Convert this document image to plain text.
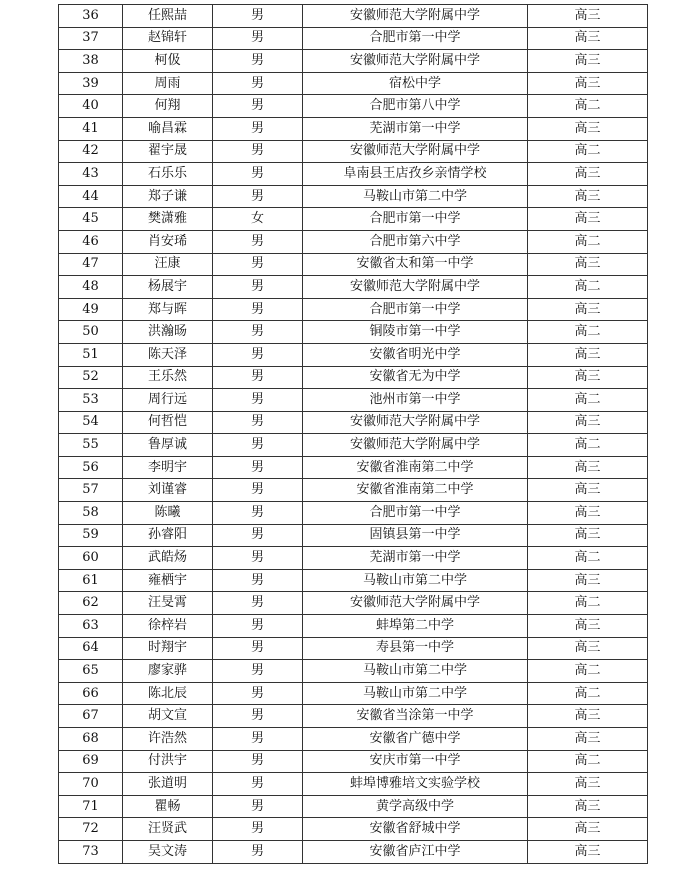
36	任熙喆	男	安徽师范大学附属中学	高三
37	赵锦轩	男	合肥市第一中学	高三
38	柯伋	男	安徽师范大学附属中学	高三
39	周雨	男	宿松中学	高三
40	何翔	男	合肥市第八中学	高二
41	喻昌霖	男	芜湖市第一中学	高三
42	翟宇晟	男	安徽师范大学附属中学	高二
43	石乐乐	男	阜南县王店孜乡亲情学校	高三
44	郑子谦	男	马鞍山市第二中学	高三
45	樊潇雅	女	合肥市第一中学	高三
46	肖安琋	男	合肥市第六中学	高二
47	汪康	男	安徽省太和第一中学	高三
48	杨展宇	男	安徽师范大学附属中学	高二
49	郑与晖	男	合肥市第一中学	高三
50	洪瀚旸	男	铜陵市第一中学	高二
51	陈天泽	男	安徽省明光中学	高三
52	王乐然	男	安徽省无为中学	高三
53	周行远	男	池州市第一中学	高二
54	何哲恺	男	安徽师范大学附属中学	高三
55	鲁厚诚	男	安徽师范大学附属中学	高二
56	李明宇	男	安徽省淮南第二中学	高三
57	刘谨睿	男	安徽省淮南第二中学	高三
58	陈曦	男	合肥市第一中学	高三
59	孙睿阳	男	固镇县第一中学	高三
60	武皓炀	男	芜湖市第一中学	高二
61	雍栖宇	男	马鞍山市第二中学	高三
62	汪旻霄	男	安徽师范大学附属中学	高二
63	徐梓岩	男	蚌埠第二中学	高三
64	时翔宇	男	寿县第一中学	高三
65	廖家骅	男	马鞍山市第二中学	高二
66	陈北辰	男	马鞍山市第二中学	高二
67	胡文宣	男	安徽省当涂第一中学	高三
68	许浩然	男	安徽省广德中学	高三
69	付洪宇	男	安庆市第一中学	高二
70	张道明	男	蚌埠博雅培文实验学校	高三
71	瞿畅	男	黄学高级中学	高三
72	汪贤武	男	安徽省舒城中学	高三
73	吴文涛	男	安徽省庐江中学	高三
